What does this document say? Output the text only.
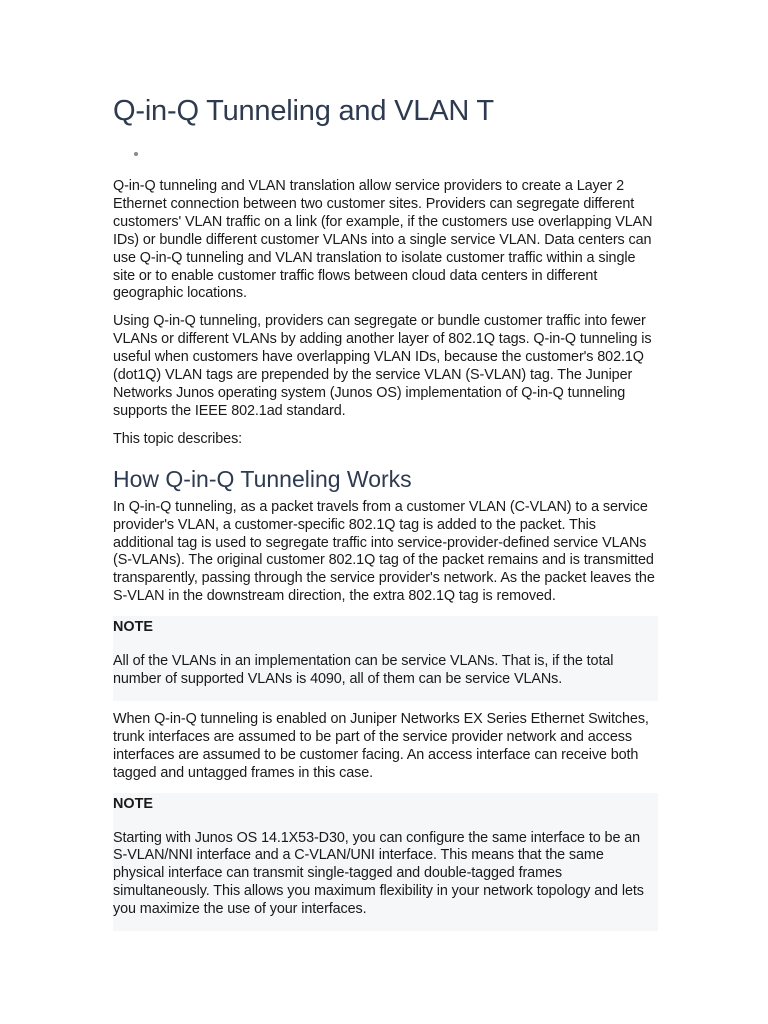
Q-in-Q Tunneling and VLAN T

Q-in-Q tunneling and VLAN translation allow service providers to create a Layer 2 Ethernet connection between two customer sites. Providers can segregate different customers' VLAN traffic on a link (for example, if the customers use overlapping VLAN IDs) or bundle different customer VLANs into a single service VLAN. Data centers can use Q-in-Q tunneling and VLAN translation to isolate customer traffic within a single site or to enable customer traffic flows between cloud data centers in different geographic locations.

Using Q-in-Q tunneling, providers can segregate or bundle customer traffic into fewer VLANs or different VLANs by adding another layer of 802.1Q tags. Q-in-Q tunneling is useful when customers have overlapping VLAN IDs, because the customer's 802.1Q (dot1Q) VLAN tags are prepended by the service VLAN (S-VLAN) tag. The Juniper Networks Junos operating system (Junos OS) implementation of Q-in-Q tunneling supports the IEEE 802.1ad standard.

This topic describes:

How Q-in-Q Tunneling Works

In Q-in-Q tunneling, as a packet travels from a customer VLAN (C-VLAN) to a service provider's VLAN, a customer-specific 802.1Q tag is added to the packet. This additional tag is used to segregate traffic into service-provider-defined service VLANs (S-VLANs). The original customer 802.1Q tag of the packet remains and is transmitted transparently, passing through the service provider's network. As the packet leaves the S-VLAN in the downstream direction, the extra 802.1Q tag is removed.

NOTE

All of the VLANs in an implementation can be service VLANs. That is, if the total number of supported VLANs is 4090, all of them can be service VLANs.

When Q-in-Q tunneling is enabled on Juniper Networks EX Series Ethernet Switches, trunk interfaces are assumed to be part of the service provider network and access interfaces are assumed to be customer facing. An access interface can receive both tagged and untagged frames in this case.

NOTE

Starting with Junos OS 14.1X53-D30, you can configure the same interface to be an S-VLAN/NNI interface and a C-VLAN/UNI interface. This means that the same physical interface can transmit single-tagged and double-tagged frames simultaneously. This allows you maximum flexibility in your network topology and lets you maximize the use of your interfaces.
